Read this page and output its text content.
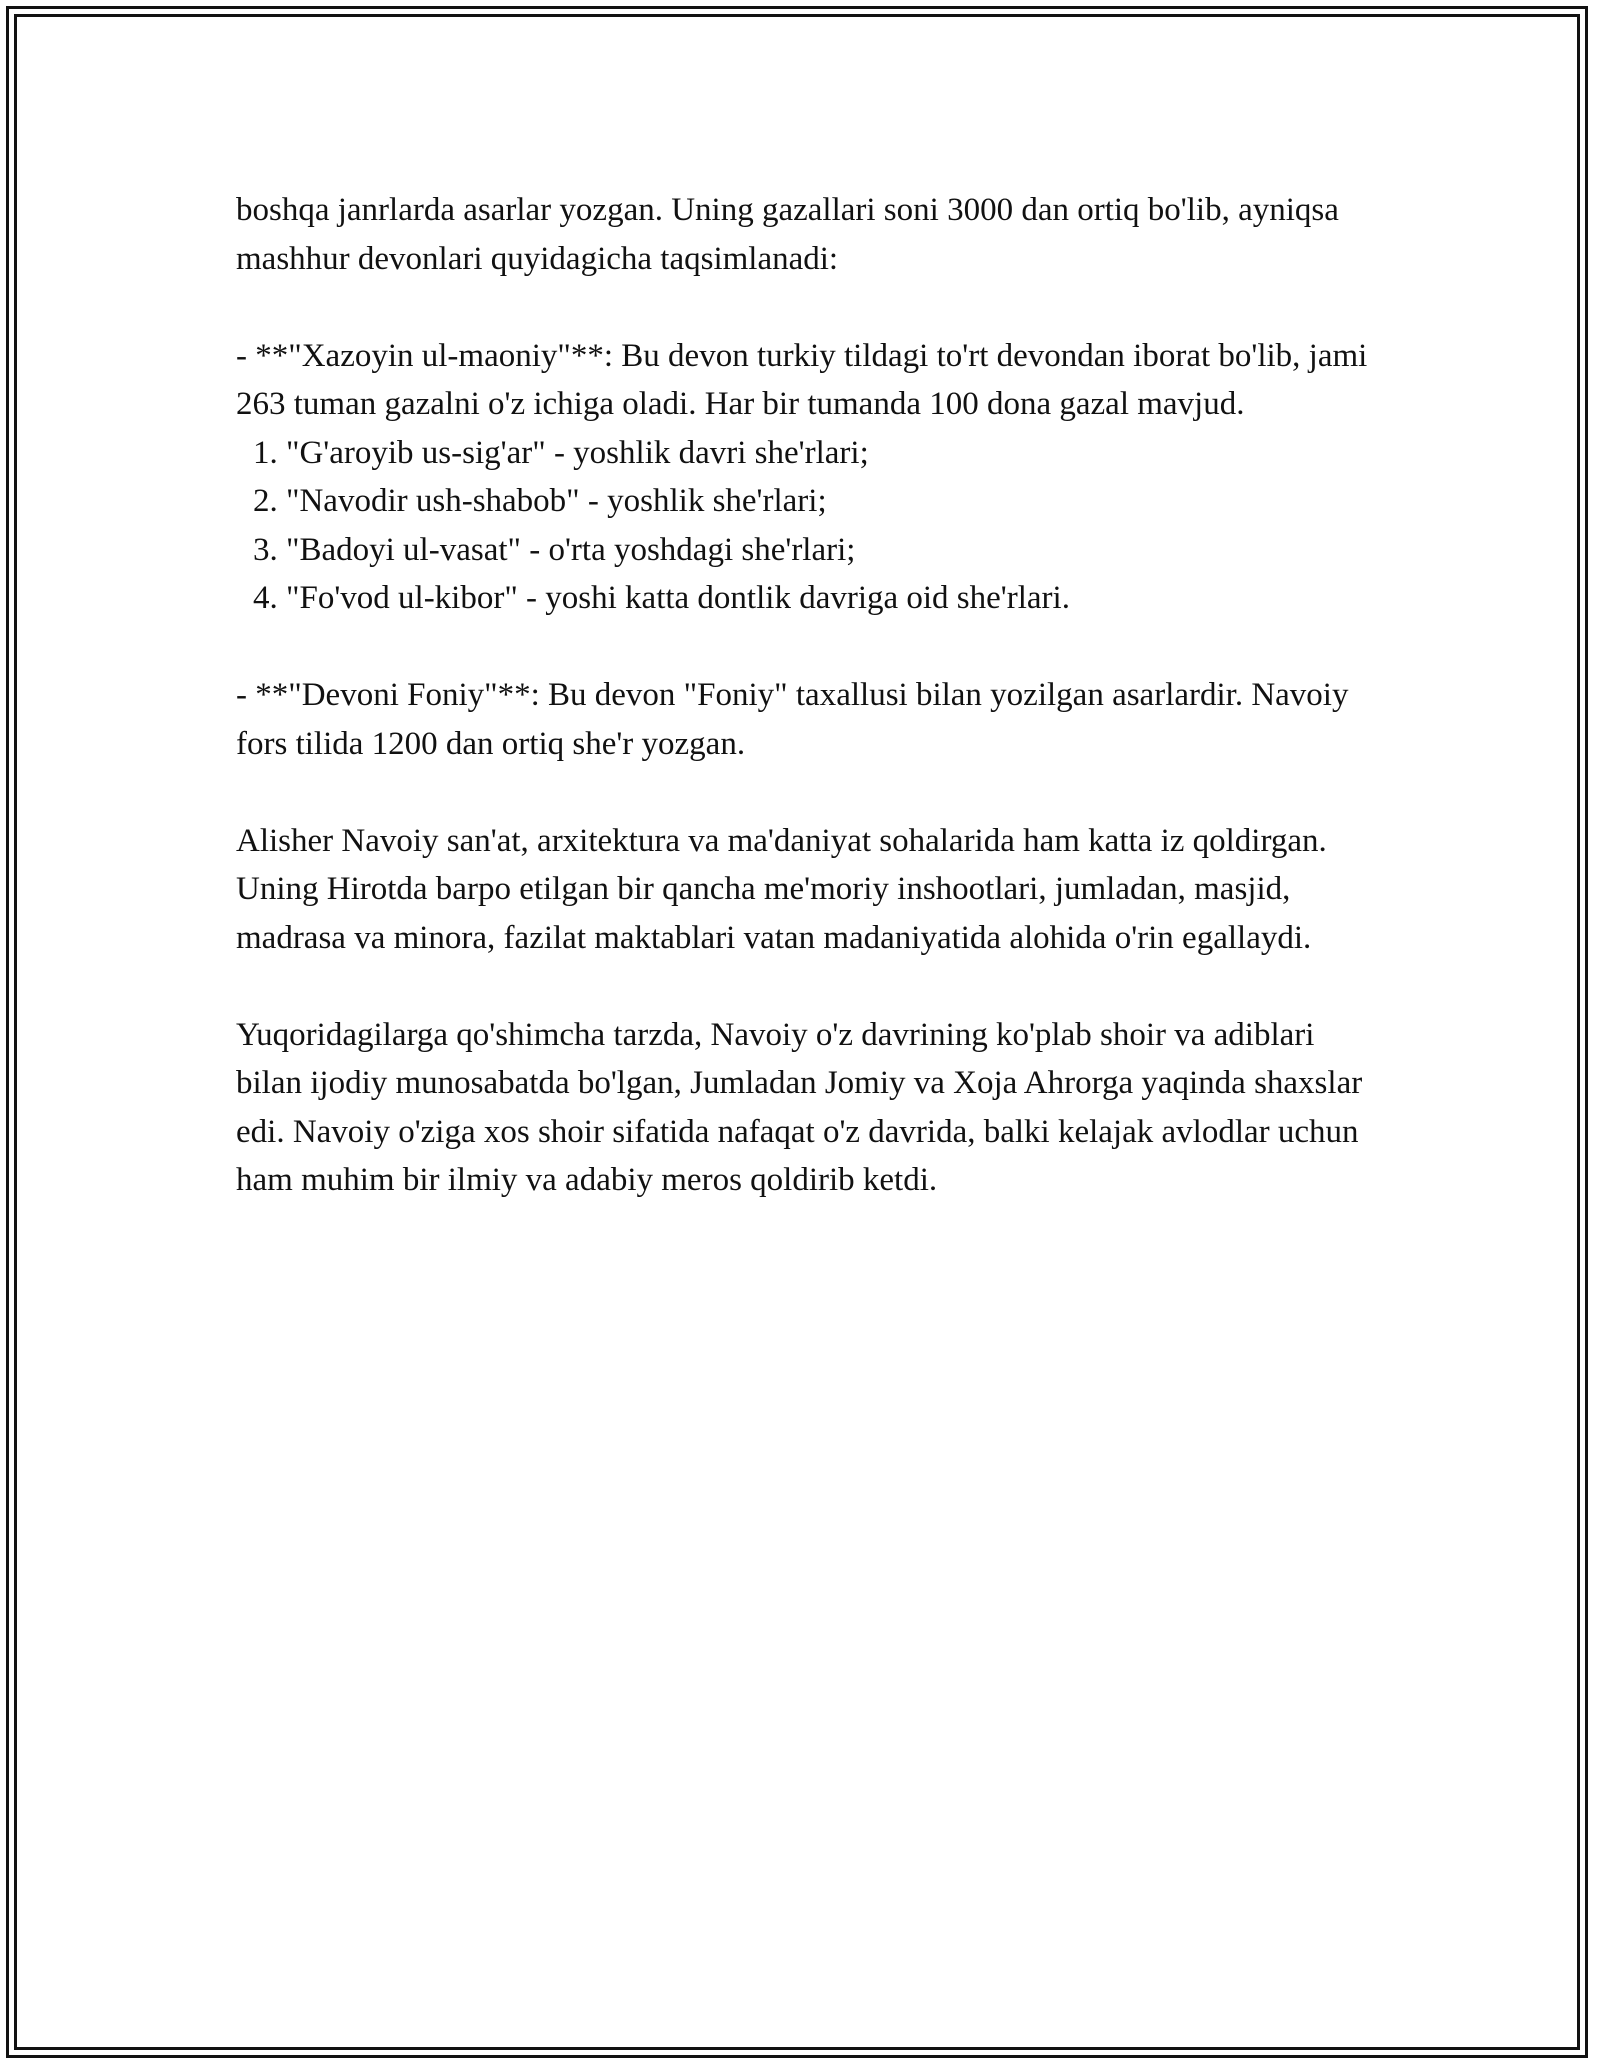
boshqa janrlarda asarlar yozgan. Uning gazallari soni 3000 dan ortiq bo'lib, ayniqsa mashhur devonlari quyidagicha taqsimlanadi:

- **"Xazoyin ul-maoniy"**: Bu devon turkiy tildagi to'rt devondan iborat bo'lib, jami 263 tuman gazalni o'z ichiga oladi. Har bir tumanda 100 dona gazal mavjud.

1. "G'aroyib us-sig'ar" - yoshlik davri she'rlari;
2. "Navodir ush-shabob" - yoshlik she'rlari;
3. "Badoyi ul-vasat" - o'rta yoshdagi she'rlari;
4. "Fo'vod ul-kibor" - yoshi katta dontlik davriga oid she'rlari.

- **"Devoni Foniy"**: Bu devon "Foniy" taxallusi bilan yozilgan asarlardir. Navoiy fors tilida 1200 dan ortiq she'r yozgan.

Alisher Navoiy san'at, arxitektura va ma'daniyat sohalarida ham katta iz qoldirgan. Uning Hirotda barpo etilgan bir qancha me'moriy inshootlari, jumladan, masjid, madrasa va minora, fazilat maktablari vatan madaniyatida alohida o'rin egallaydi.

Yuqoridagilarga qo'shimcha tarzda, Navoiy o'z davrining ko'plab shoir va adiblari bilan ijodiy munosabatda bo'lgan, Jumladan Jomiy va Xoja Ahrorga yaqinda shaxslar edi. Navoiy o'ziga xos shoir sifatida nafaqat o'z davrida, balki kelajak avlodlar uchun ham muhim bir ilmiy va adabiy meros qoldirib ketdi.
